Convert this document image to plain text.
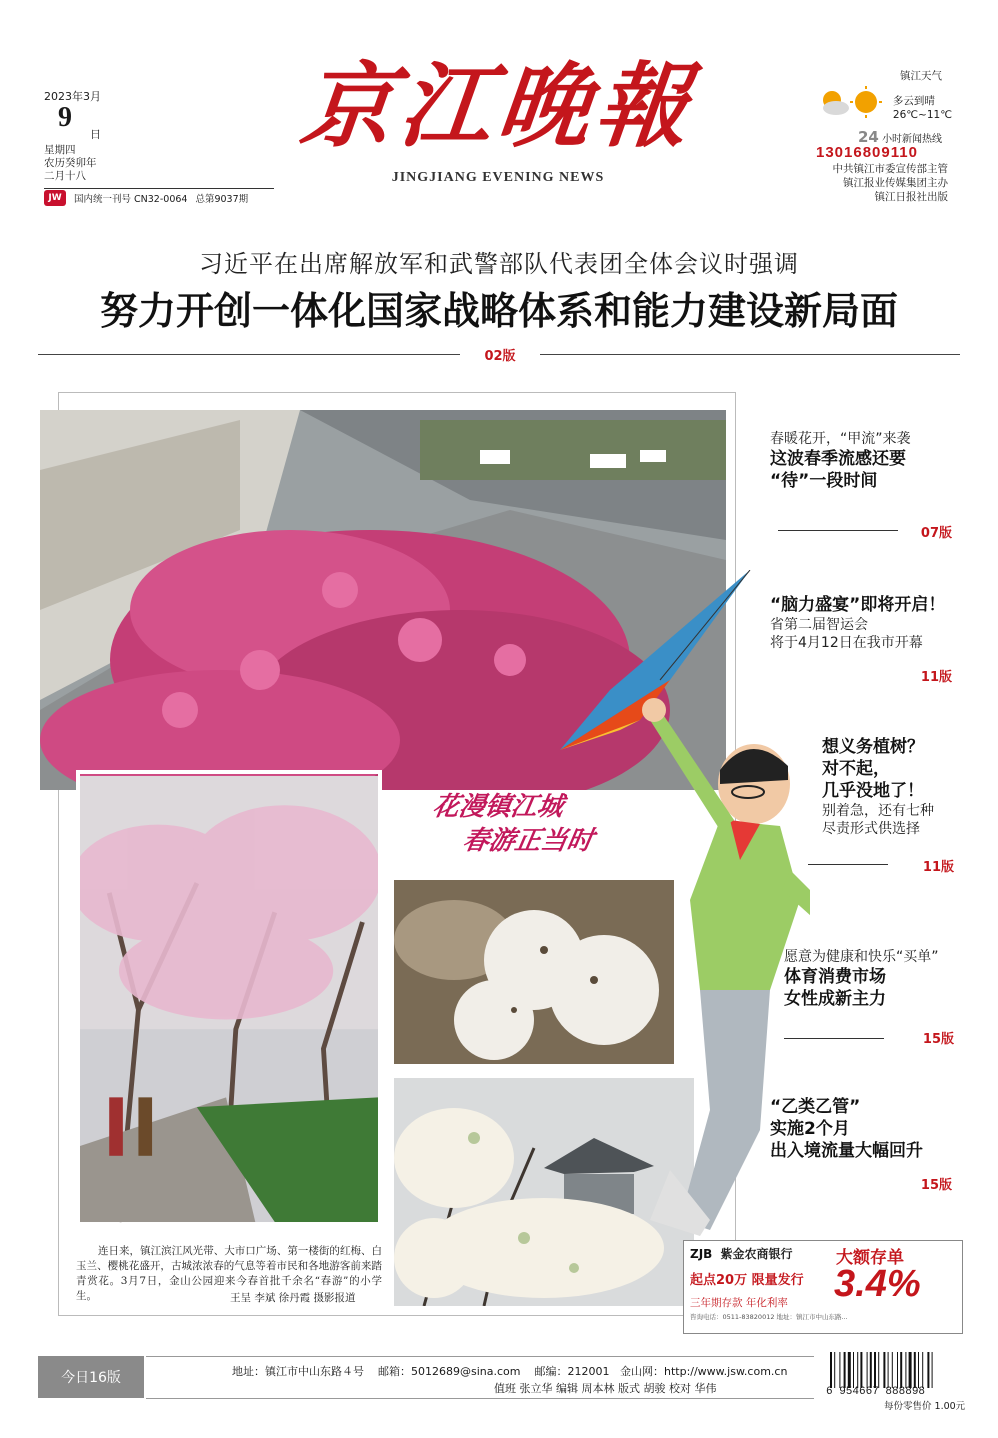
2023年3月
9
日
星期四
农历癸卯年
二月十八
JW	国内统一刊号 CN32-0064 总第9037期
京江晚報
JINGJIANG EVENING NEWS
镇江天气
多云到晴
26℃~11℃
24 小时新闻热线
13016809110
中共镇江市委宣传部主管
镇江报业传媒集团主办
镇江日报社出版
习近平在出席解放军和武警部队代表团全体会议时强调
努力开创一体化国家战略体系和能力建设新局面
02版
花漫镇江城
春游正当时
连日来，镇江滨江风光带、大市口广场、第一楼街的红梅、白玉兰、樱桃花盛开，古城浓浓春的气息等着市民和各地游客前来踏青赏花。3月7日，金山公园迎来今春首批千余名“春游”的小学生。	王呈 李斌 徐丹霞 摄影报道
春暖花开，“甲流”来袭
这波春季流感还要
“待”一段时间
07版
“脑力盛宴”即将开启！
省第二届智运会
将于4月12日在我市开幕
11版
想义务植树？
对不起，
几乎没地了！
别着急，还有七种
尽责形式供选择
11版
愿意为健康和快乐“买单”
体育消费市场
女性成新主力
15版
“乙类乙管”
实施2个月
出入境流量大幅回升
15版
ZJB 紫金农商银行	大额存单
起点20万 限量发行 3.4%
三年期存款 年化利率
咨询电话：0511-83820012 地址：镇江市中山东路...
今日16版	地址：镇江市中山东路４号 邮箱：5012689@sina.com 邮编：212001 金山网：http://www.jsw.com.cn
值班 张立华 编辑 周本林 版式 胡骏 校对 华伟	6 954667 888898
每份零售价 1.00元
